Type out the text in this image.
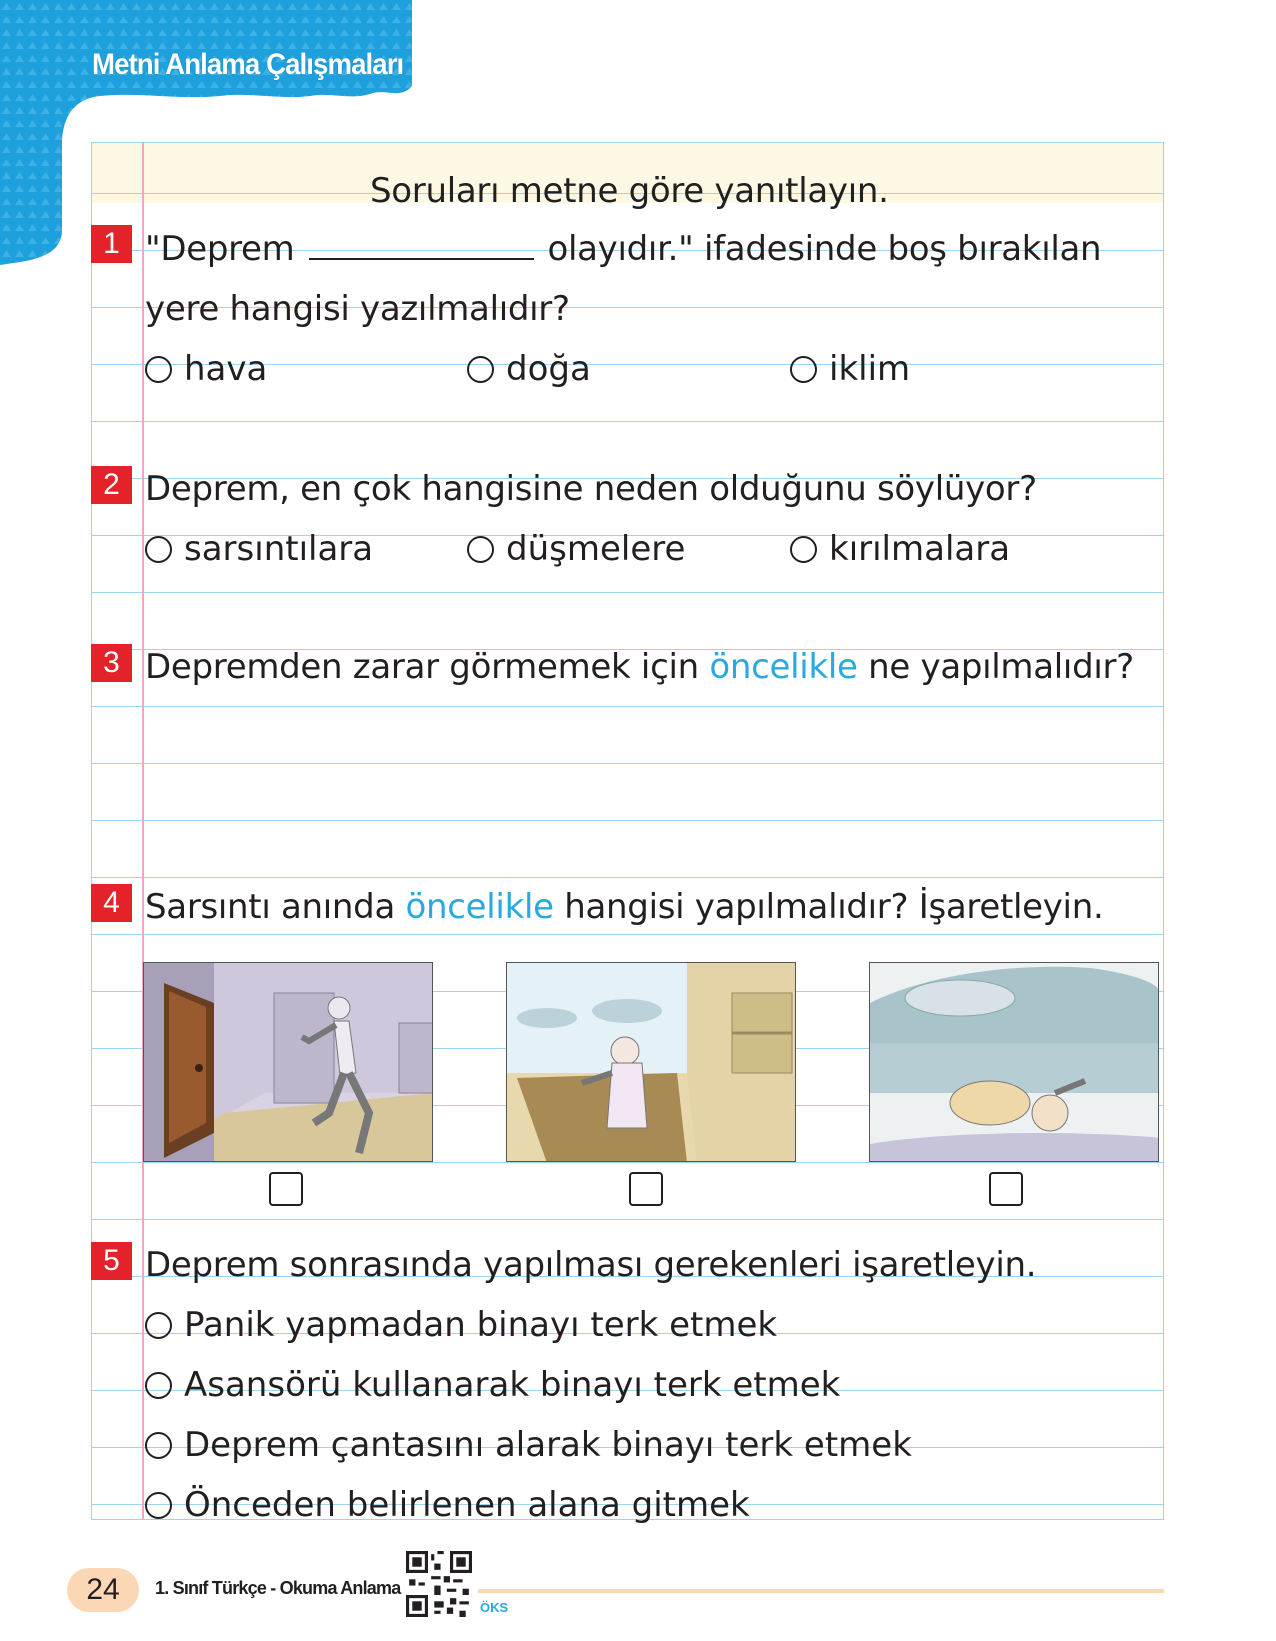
Metni Anlama Çalışmaları
Soruları metne göre yanıtlayın.
1 "Deprem	olayıdır." ifadesinde boş bırakılan
yere hangisi yazılmalıdır?
hava	doğa	iklim
2 Deprem, en çok hangisine neden olduğunu söylüyor?
sarsıntılara	düşmelere	kırılmalara
3 Depremden zarar görmemek için öncelikle ne yapılmalıdır?
4 Sarsıntı anında öncelikle hangisi yapılmalıdır? İşaretleyin.
5 Deprem sonrasında yapılması gerekenleri işaretleyin.
Panik yapmadan binayı terk etmek
Asansörü kullanarak binayı terk etmek
Deprem çantasını alarak binayı terk etmek
Önceden belirlenen alana gitmek
24	1. Sınıf Türkçe - Okuma Anlama
ÖKS
